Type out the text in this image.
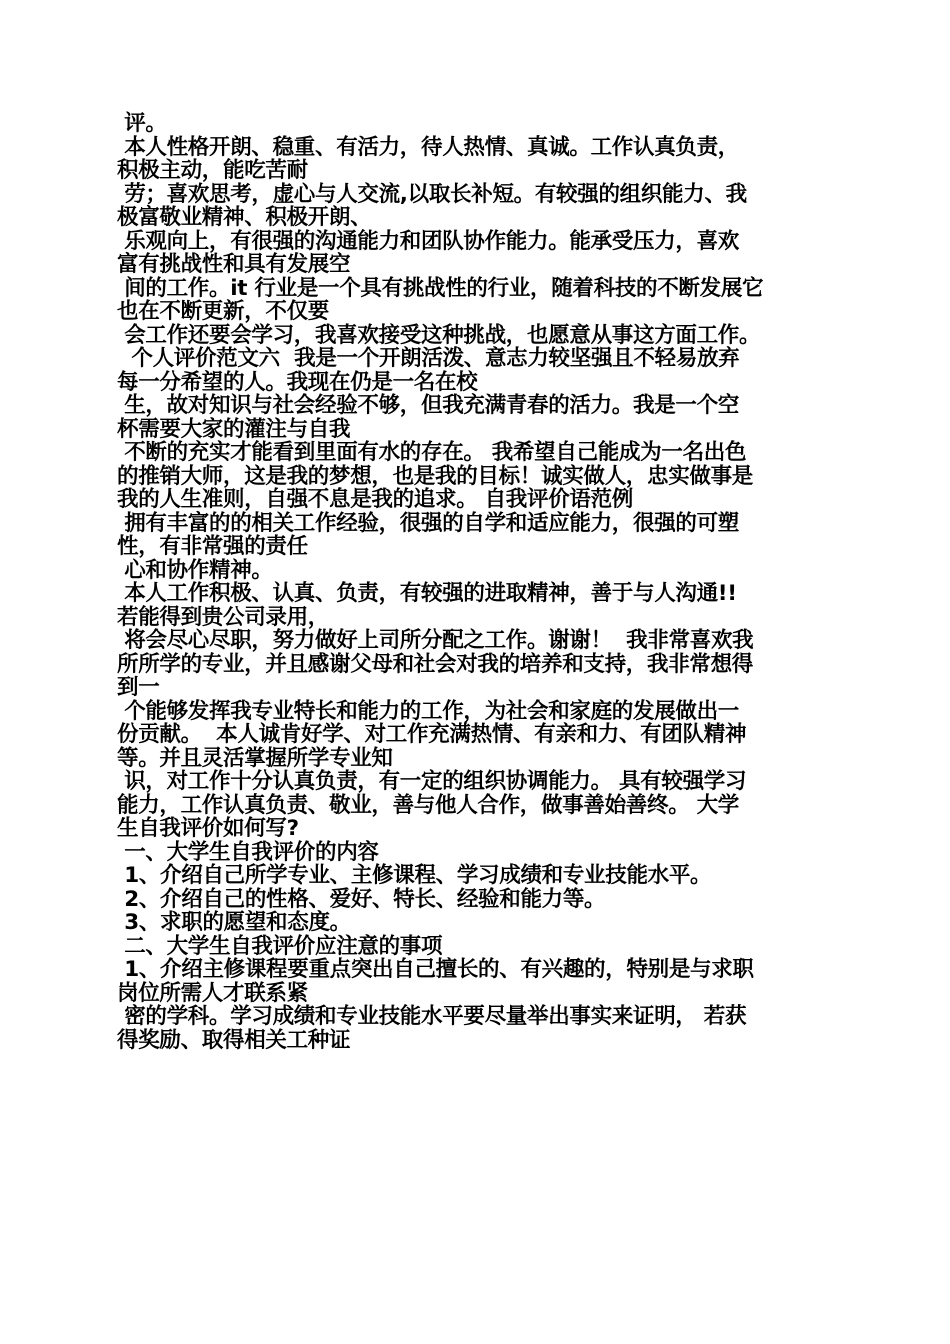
评。

本人性格开朗、稳重、有活力，待人热情、真诚。工作认真负责，
积极主动，能吃苦耐

劳；喜欢思考，虚心与人交流,以取长补短。有较强的组织能力、我
极富敬业精神、积极开朗、

乐观向上，有很强的沟通能力和团队协作能力。能承受压力，喜欢
富有挑战性和具有发展空

间的工作。it 行业是一个具有挑战性的行业，随着科技的不断发展它
也在不断更新，不仅要

会工作还要会学习，我喜欢接受这种挑战，也愿意从事这方面工作。
个人评价范文六  我是一个开朗活泼、意志力较坚强且不轻易放弃
每一分希望的人。我现在仍是一名在校

生，故对知识与社会经验不够，但我充满青春的活力。我是一个空
杯需要大家的灌注与自我

不断的充实才能看到里面有水的存在。 我希望自己能成为一名出色
的推销大师，这是我的梦想，也是我的目标！诚实做人，忠实做事是
我的人生准则，自强不息是我的追求。 自我评价语范例

拥有丰富的的相关工作经验，很强的自学和适应能力，很强的可塑
性，有非常强的责任

心和协作精神。

本人工作积极、认真、负责，有较强的进取精神，善于与人沟通!!
若能得到贵公司录用，

将会尽心尽职，努力做好上司所分配之工作。谢谢！  我非常喜欢我
所所学的专业，并且感谢父母和社会对我的培养和支持，我非常想得
到一

个能够发挥我专业特长和能力的工作，为社会和家庭的发展做出一
份贡献。  本人诚肯好学、对工作充满热情、有亲和力、有团队精神
等。并且灵活掌握所学专业知

识，对工作十分认真负责，有一定的组织协调能力。 具有较强学习
能力，工作认真负责、敬业，善与他人合作，做事善始善终。 大学
生自我评价如何写?

一、大学生自我评价的内容

1、介绍自己所学专业、主修课程、学习成绩和专业技能水平。

2、介绍自己的性格、爱好、特长、经验和能力等。

3、求职的愿望和态度。

二、大学生自我评价应注意的事项

1、介绍主修课程要重点突出自己擅长的、有兴趣的，特别是与求职
岗位所需人才联系紧

密的学科。学习成绩和专业技能水平要尽量举出事实来证明， 若获
得奖励、取得相关工种证
